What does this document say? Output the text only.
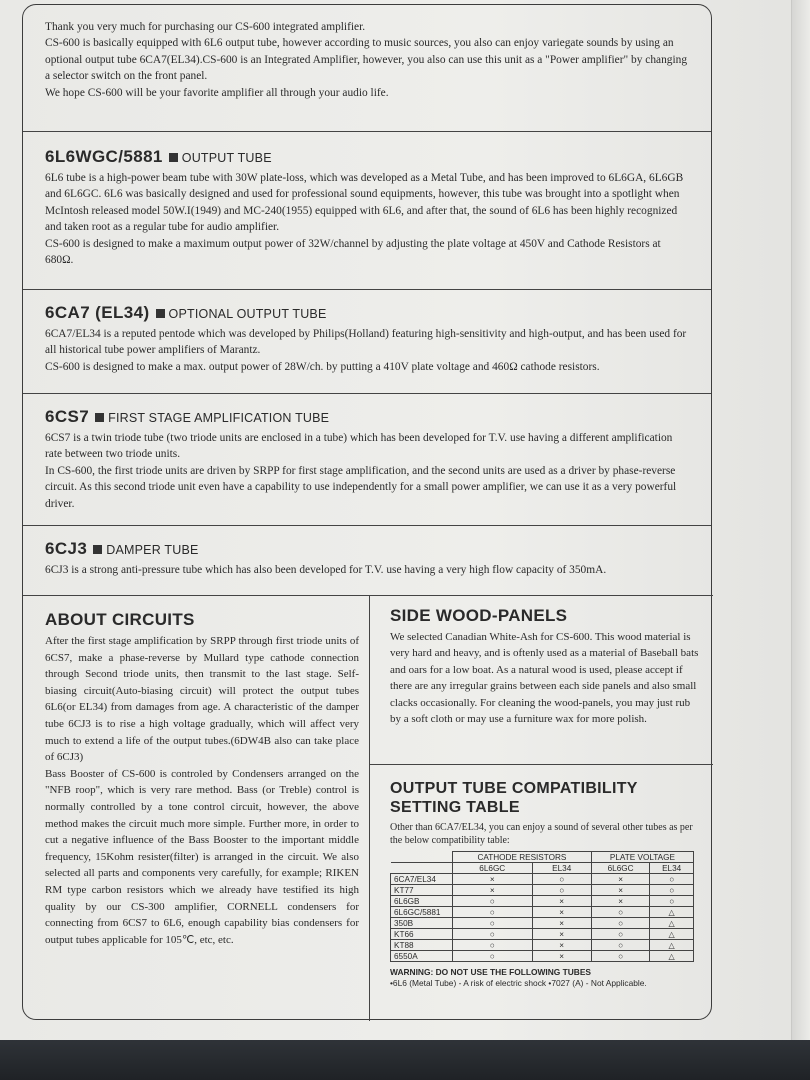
Thank you very much for purchasing our CS-600 integrated amplifier.

CS-600 is basically equipped with 6L6 output tube, however according to music sources, you also can enjoy variegate sounds by using an optional output tube 6CA7(EL34).CS-600 is an Integrated Amplifier, however, you also can use this unit as a "Power amplifier" by changing a selector switch on the front panel.

We hope CS-600 will be your favorite amplifier all through your audio life.

6L6WGC/5881 OUTPUT TUBE

6L6 tube is a high-power beam tube with 30W plate-loss, which was developed as a Metal Tube, and has been improved to 6L6GA, 6L6GB and 6L6GC. 6L6 was basically designed and used for professional sound equipments, however, this tube was brought into a spotlight when McIntosh released model 50W.I(1949) and MC-240(1955) equipped with 6L6, and after that, the sound of 6L6 has been highly recognized and taken root as a regular tube for audio amplifier.

CS-600 is designed to make a maximum output power of 32W/channel by adjusting the plate voltage at 450V and Cathode Resistors at 680Ω.

6CA7 (EL34) OPTIONAL OUTPUT TUBE

6CA7/EL34 is a reputed pentode which was developed by Philips(Holland) featuring high-sensitivity and high-output, and has been used for all historical tube power amplifiers of Marantz.

CS-600 is designed to make a max. output power of 28W/ch. by putting a 410V plate voltage and 460Ω cathode resistors.

6CS7 FIRST STAGE AMPLIFICATION TUBE

6CS7 is a twin triode tube (two triode units are enclosed in a tube) which has been developed for T.V. use having a different amplification rate between two triode units.

In CS-600, the first triode units are driven by SRPP for first stage amplification, and the second units are used as a driver by phase-reverse circuit. As this second triode unit even have a capability to use independently for a small power amplifier, we can use it as a very powerful driver.

6CJ3 DAMPER TUBE

6CJ3 is a strong anti-pressure tube which has also been developed for T.V. use having a very high flow capacity of 350mA.

ABOUT CIRCUITS

After the first stage amplification by SRPP through first triode units of 6CS7, make a phase-reverse by Mullard type cathode connection through Second triode units, then transmit to the last stage. Self-biasing circuit(Auto-biasing circuit) will protect the output tubes 6L6(or EL34) from damages from age. A characteristic of the damper tube 6CJ3 is to rise a high voltage gradually, which will affect very much to extend a life of the output tubes.(6DW4B also can take place of 6CJ3)

Bass Booster of CS-600 is controled by Condensers arranged on the "NFB roop", which is very rare method. Bass (or Treble) control is normally controlled by a tone control circuit, however, the above method makes the circuit much more simple. Further more, in order to cut a negative influence of the Bass Booster to the important middle frequency, 15Kohm resister(filter) is arranged in the circuit. We also selected all parts and components very carefully, for example; RIKEN RM type carbon resistors which we already have testified its high quality by our CS-300 amplifier, CORNELL condensers for connecting from 6CS7 to 6L6, enough capability bias condensers for output tubes applicable for 105℃, etc, etc.

SIDE WOOD-PANELS

We selected Canadian White-Ash for CS-600. This wood material is very hard and heavy, and is oftenly used as a material of Baseball bats and oars for a low boat. As a natural wood is used, please accept if there are any irregular grains between each side panels and also small clacks occasionally. For cleaning the wood-panels, you may just rub by a soft cloth or may use a furniture wax for more polish.

OUTPUT TUBE COMPATIBILITY
SETTING TABLE

Other than 6CA7/EL34, you can enjoy a sound of several other tubes as per the below compatibility table:

	CATHODE RESISTORS		PLATE VOLTAGE	
	6L6GC	EL34	6L6GC	EL34
6CA7/EL34	×	○	×	○
KT77	×	○	×	○
6L6GB	○	×	×	○
6L6GC/5881	○	×	○	△
350B	○	×	○	△
KT66	○	×	○	△
KT88	○	×	○	△
6550A	○	×	○	△
WARNING: DO NOT USE THE FOLLOWING TUBES
•6L6 (Metal Tube) - A risk of electric shock •7027 (A) - Not Applicable.
